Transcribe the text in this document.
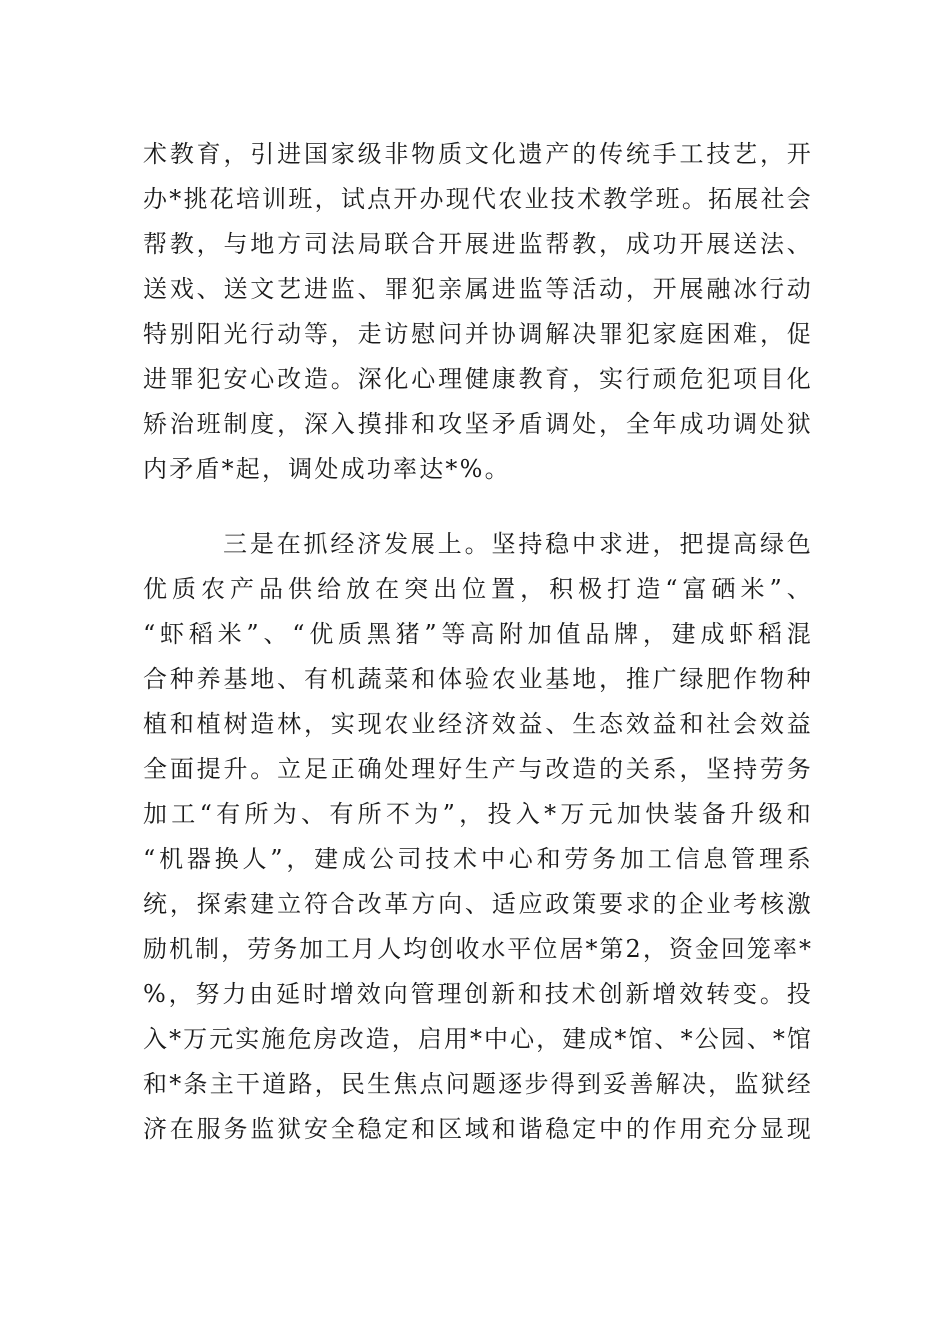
术教育，引进国家级非物质文化遗产的传统手工技艺，开
办*挑花培训班，试点开办现代农业技术教学班。拓展社会
帮教，与地方司法局联合开展进监帮教，成功开展送法、
送戏、送文艺进监、罪犯亲属进监等活动，开展融冰行动
特别阳光行动等，走访慰问并协调解决罪犯家庭困难，促
进罪犯安心改造。深化心理健康教育，实行顽危犯项目化
矫治班制度，深入摸排和攻坚矛盾调处，全年成功调处狱
内矛盾*起，调处成功率达*%。
三是在抓经济发展上。坚持稳中求进，把提高绿色
优质农产品供给放在突出位置，积极打造“富硒米”、
“虾稻米”、“优质黑猪”等高附加值品牌，建成虾稻混
合种养基地、有机蔬菜和体验农业基地，推广绿肥作物种
植和植树造林，实现农业经济效益、生态效益和社会效益
全面提升。立足正确处理好生产与改造的关系，坚持劳务
加工“有所为、有所不为”，投入*万元加快装备升级和
“机器换人”，建成公司技术中心和劳务加工信息管理系
统，探索建立符合改革方向、适应政策要求的企业考核激
励机制，劳务加工月人均创收水平位居*第2，资金回笼率*
%，努力由延时增效向管理创新和技术创新增效转变。投
入*万元实施危房改造，启用*中心，建成*馆、*公园、*馆
和*条主干道路，民生焦点问题逐步得到妥善解决，监狱经
济在服务监狱安全稳定和区域和谐稳定中的作用充分显现
